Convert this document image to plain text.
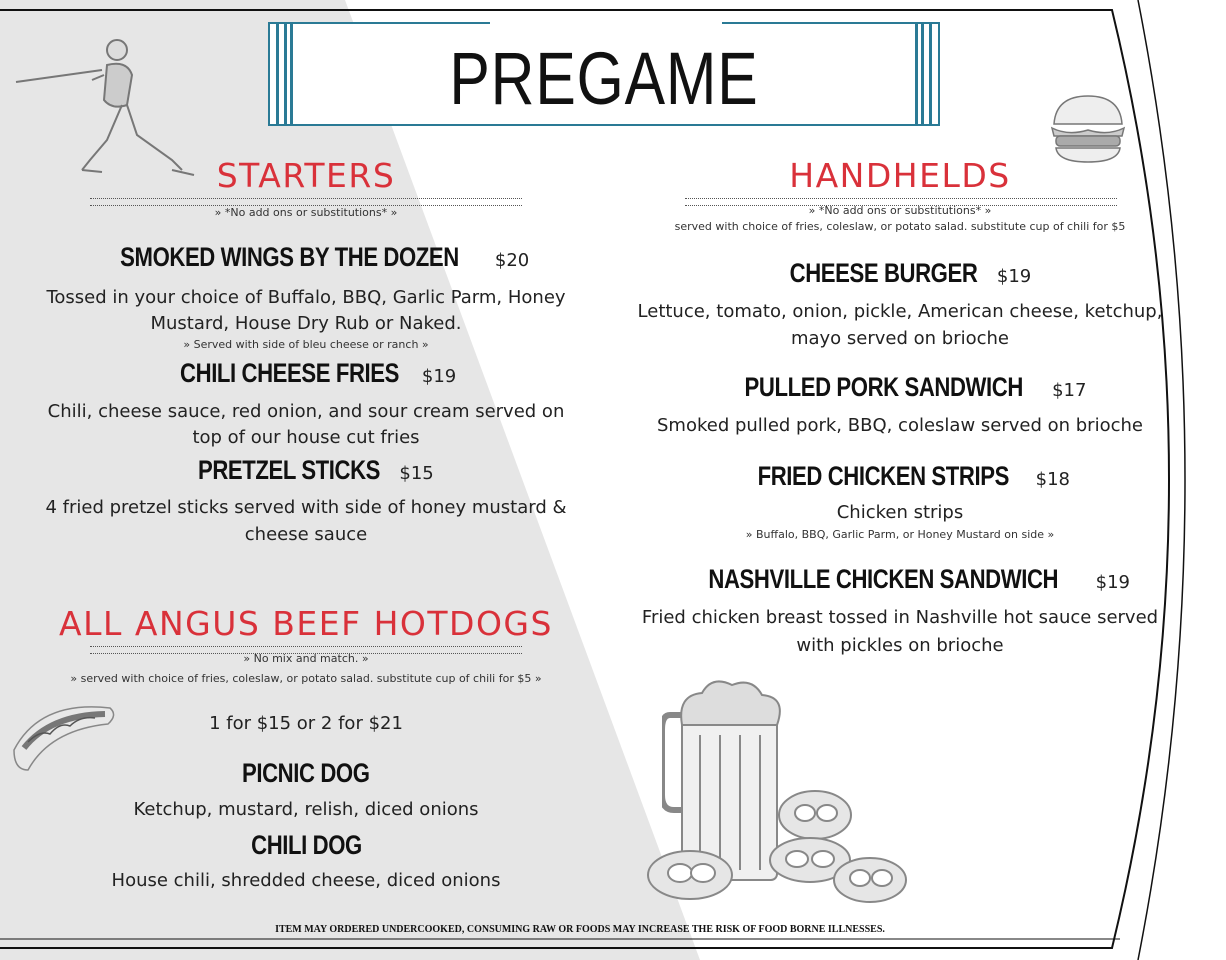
PREGAME
STARTERS
» *No add ons or substitutions* »
SMOKED WINGS BY THE DOZEN $20
Tossed in your choice of Buffalo, BBQ, Garlic Parm, Honey
Mustard, House Dry Rub or Naked.
» Served with side of bleu cheese or ranch »
CHILI CHEESE FRIES $19
Chili, cheese sauce, red onion, and sour cream served on
top of our house cut fries
PRETZEL STICKS $15
4 fried pretzel sticks served with side of honey mustard &
cheese sauce
ALL ANGUS BEEF HOTDOGS
» No mix and match. »
» served with choice of fries, coleslaw, or potato salad. substitute cup of chili for $5 »
1 for $15 or 2 for $21
PICNIC DOG
Ketchup, mustard, relish, diced onions
CHILI DOG
House chili, shredded cheese, diced onions
HANDHELDS
» *No add ons or substitutions* »
served with choice of fries, coleslaw, or potato salad. substitute cup of chili for $5
CHEESE BURGER $19
Lettuce, tomato, onion, pickle, American cheese, ketchup,
mayo served on brioche
PULLED PORK SANDWICH $17
Smoked pulled pork, BBQ, coleslaw served on brioche
FRIED CHICKEN STRIPS $18
Chicken strips
» Buffalo, BBQ, Garlic Parm, or Honey Mustard on side »
NASHVILLE CHICKEN SANDWICH $19
Fried chicken breast tossed in Nashville hot sauce served
with pickles on brioche
ITEM MAY ORDERED UNDERCOOKED, CONSUMING RAW OR FOODS MAY INCREASE THE RISK OF FOOD BORNE ILLNESSES.
